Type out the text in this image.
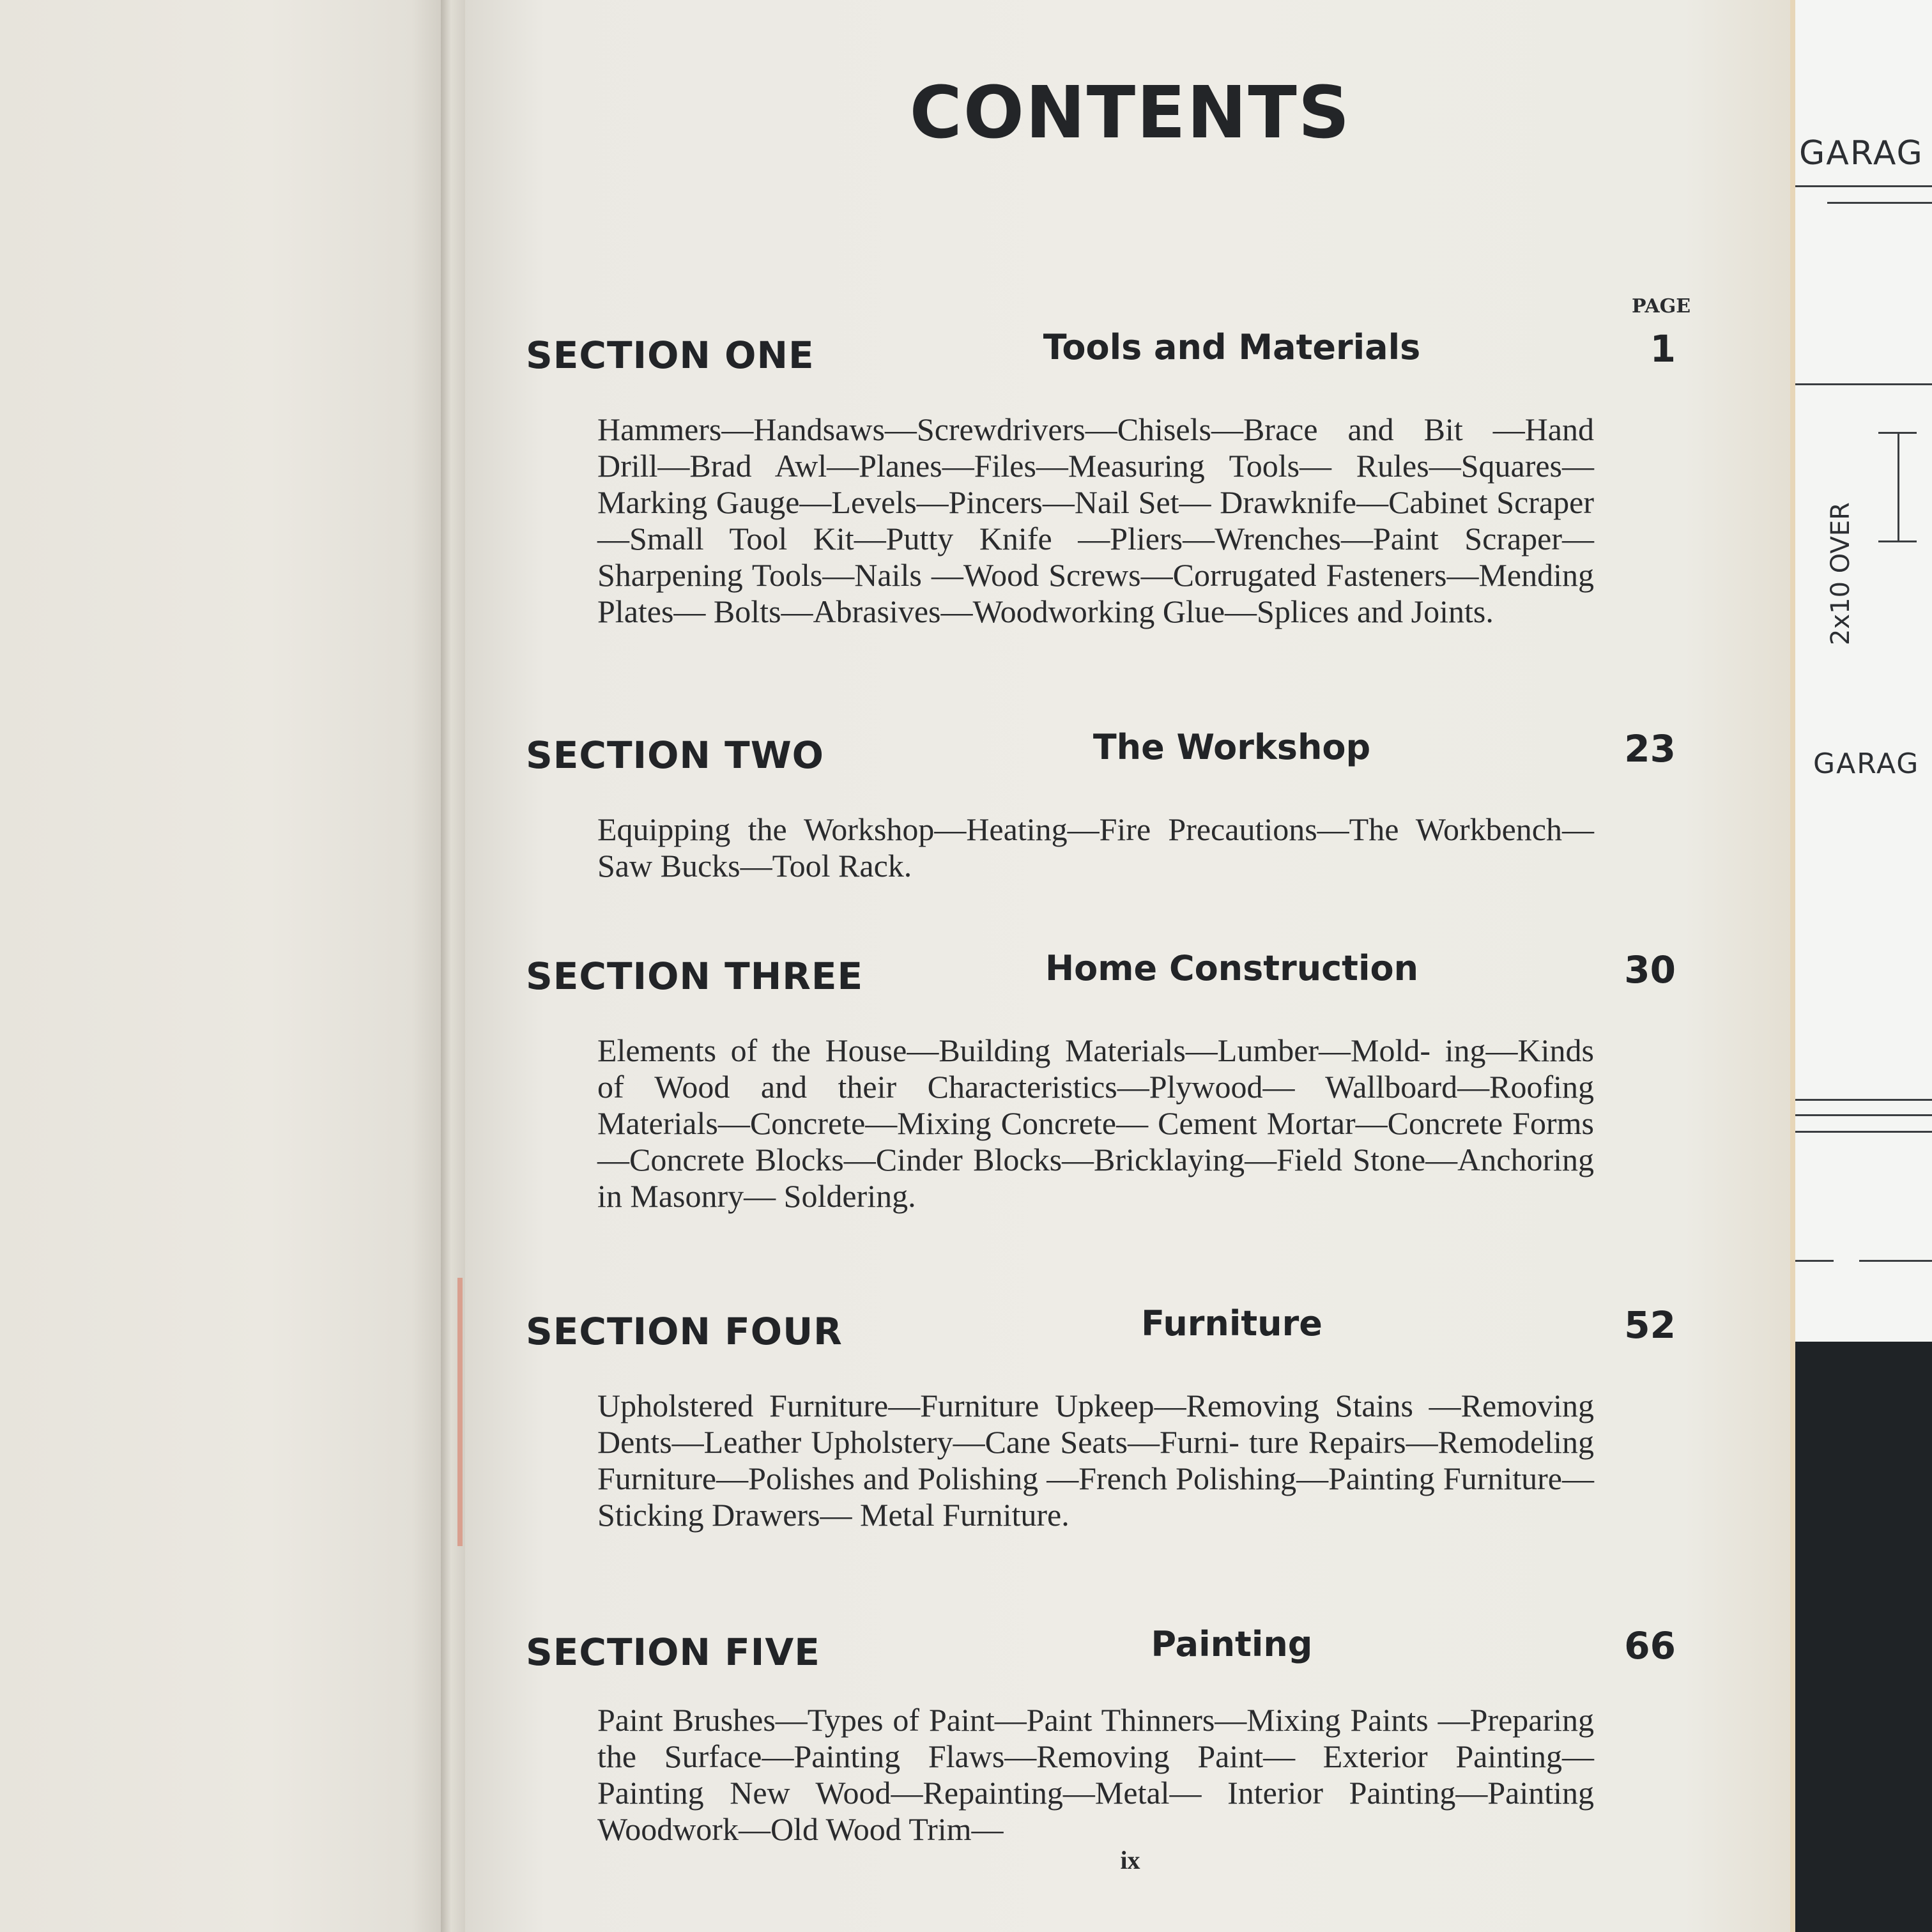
GARAG
2x10 OVER
GARAG
CONTENTS
PAGE
SECTION ONE	Tools and Materials	1
Hammers—Handsaws—Screwdrivers—Chisels—Brace and Bit —Hand Drill—Brad Awl—Planes—Files—Measuring Tools— Rules—Squares—Marking Gauge—Levels—Pincers—Nail Set— Drawknife—Cabinet Scraper—Small Tool Kit—Putty Knife —Pliers—Wrenches—Paint Scraper—Sharpening Tools—Nails —Wood Screws—Corrugated Fasteners—Mending Plates— Bolts—Abrasives—Woodworking Glue—Splices and Joints.
SECTION TWO	The Workshop	23
Equipping the Workshop—Heating—Fire Precautions—The Workbench—Saw Bucks—Tool Rack.
SECTION THREE	Home Construction	30
Elements of the House—Building Materials—Lumber—Mold- ing—Kinds of Wood and their Characteristics—Plywood— Wallboard—Roofing Materials—Concrete—Mixing Concrete— Cement Mortar—Concrete Forms—Concrete Blocks—Cinder Blocks—Bricklaying—Field Stone—Anchoring in Masonry— Soldering.
SECTION FOUR	Furniture	52
Upholstered Furniture—Furniture Upkeep—Removing Stains —Removing Dents—Leather Upholstery—Cane Seats—Furni- ture Repairs—Remodeling Furniture—Polishes and Polishing —French Polishing—Painting Furniture—Sticking Drawers— Metal Furniture.
SECTION FIVE	Painting	66
Paint Brushes—Types of Paint—Paint Thinners—Mixing Paints —Preparing the Surface—Painting Flaws—Removing Paint— Exterior Painting—Painting New Wood—Repainting—Metal— Interior Painting—Painting Woodwork—Old Wood Trim—
ix
